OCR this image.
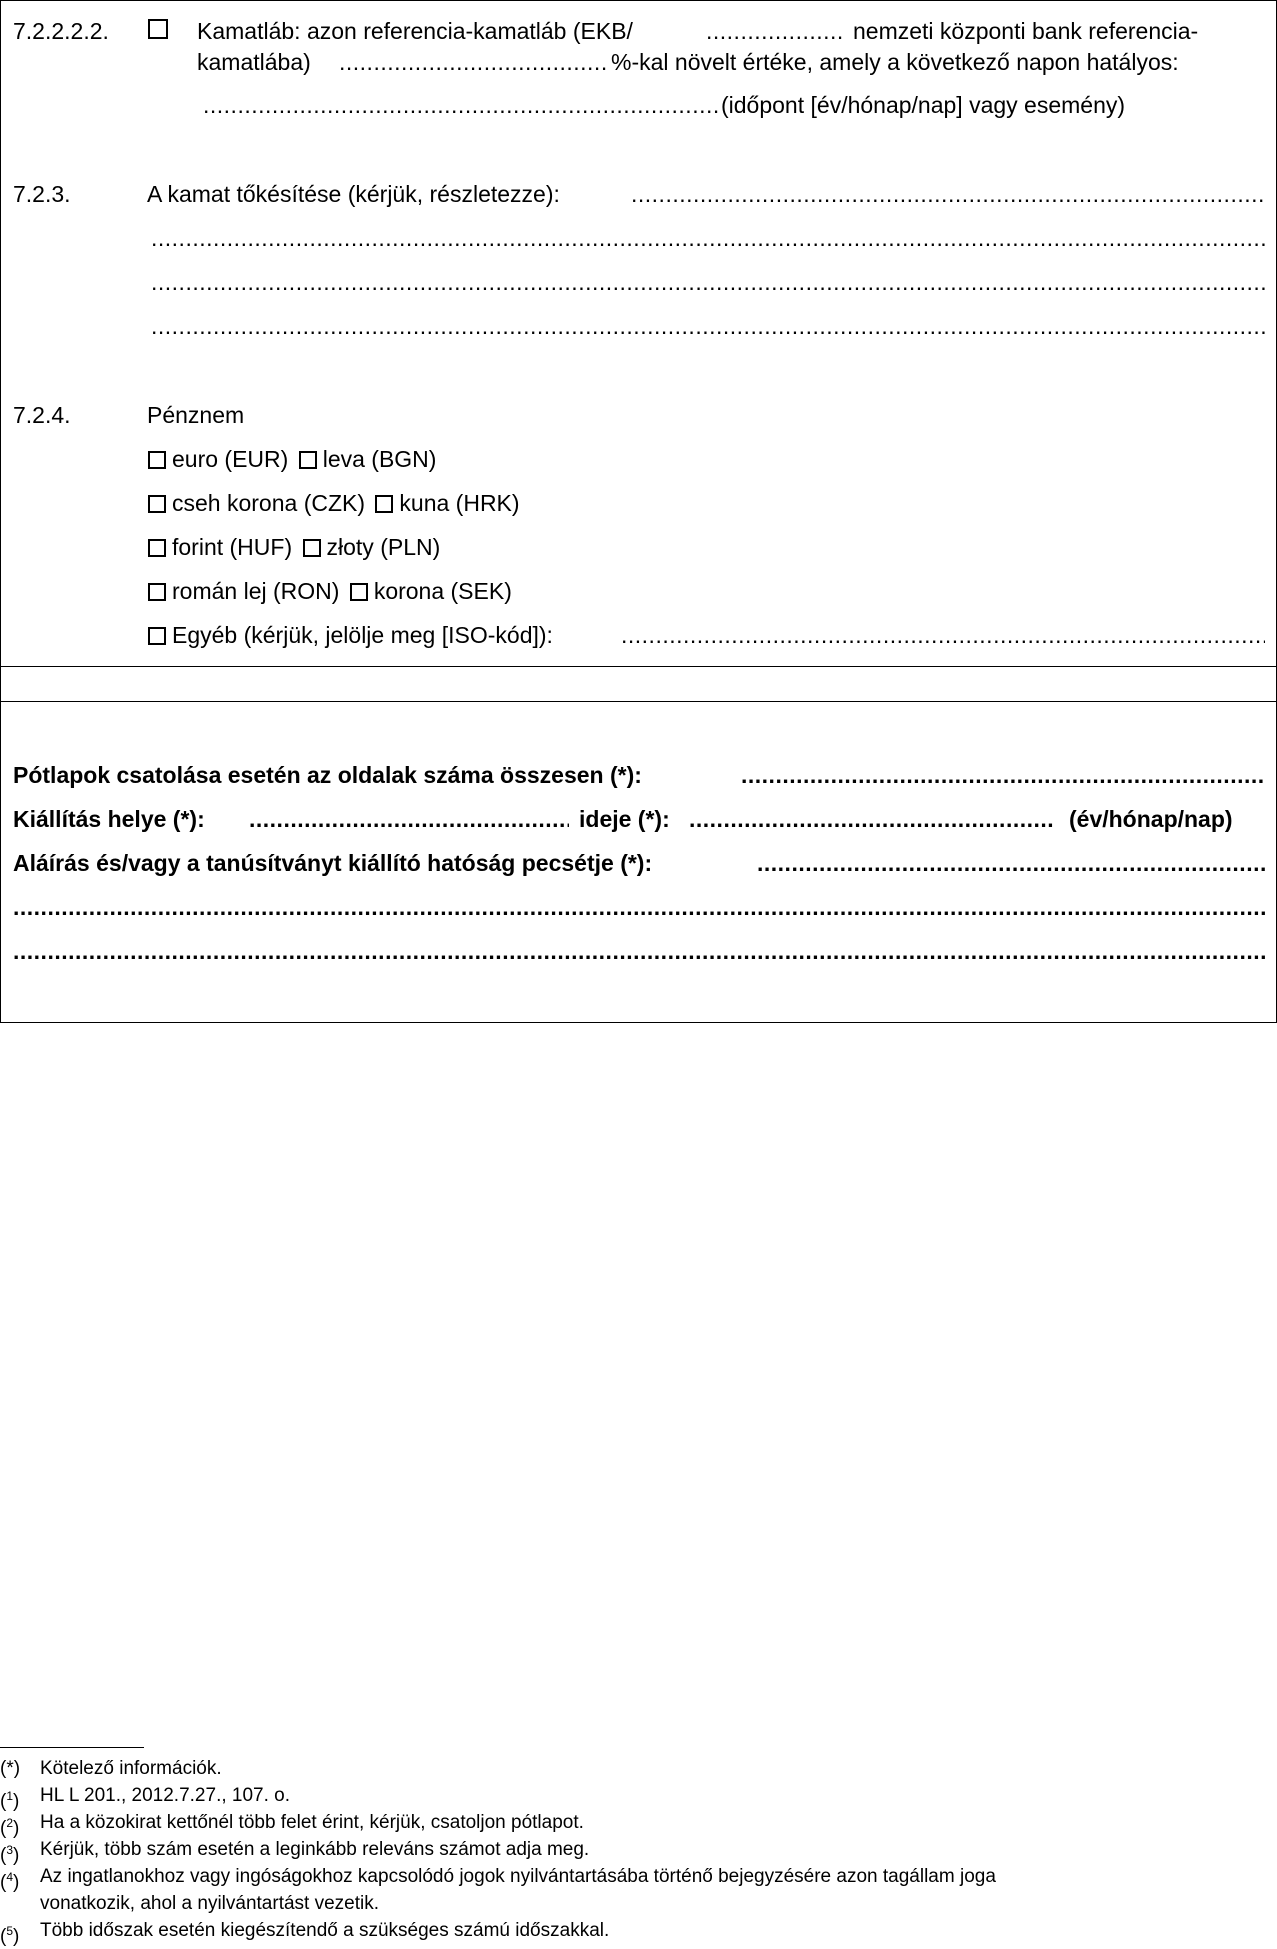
7.2.2.2.2.	Kamatláb: azon referencia-kamatláb (EKB/ .....	nemzeti központi bank referencia-
kamatlába) .....	%-kal növelt értéke, amely a következő napon hatályos:
.....
(időpont [év/hónap/nap] vagy esemény)
7.2.3.	A kamat tőkésítése (kérjük, részletezze):
.....
.....
.....
.....
7.2.4.	Pénznem
euro (EUR) leva (BGN)
cseh korona (CZK) kuna (HRK)
forint (HUF) złoty (PLN)
román lej (RON) korona (SEK)
Egyéb (kérjük, jelölje meg [ISO-kód]):
.....
Pótlapok csatolása esetén az oldalak száma összesen (*):
.....
Kiállítás helye (*): .....	ideje (*): .....	(év/hónap/nap)
Aláírás és/vagy a tanúsítványt kiállító hatóság pecsétje (*):
.....
.....
.....
(*) Kötelező információk.
($^1$) HL L 201., 2012.7.27., 107. o.
($^2$) Ha a közokirat kettőnél több felet érint, kérjük, csatoljon pótlapot.
($^3$) Kérjük, több szám esetén a leginkább releváns számot adja meg.
($^4$) Az ingatlanokhoz vagy ingóságokhoz kapcsolódó jogok nyilvántartásába történő bejegyzésére azon tagállam joga
vonatkozik, ahol a nyilvántartást vezetik.
($^5$) Több időszak esetén kiegészítendő a szükséges számú időszakkal.
